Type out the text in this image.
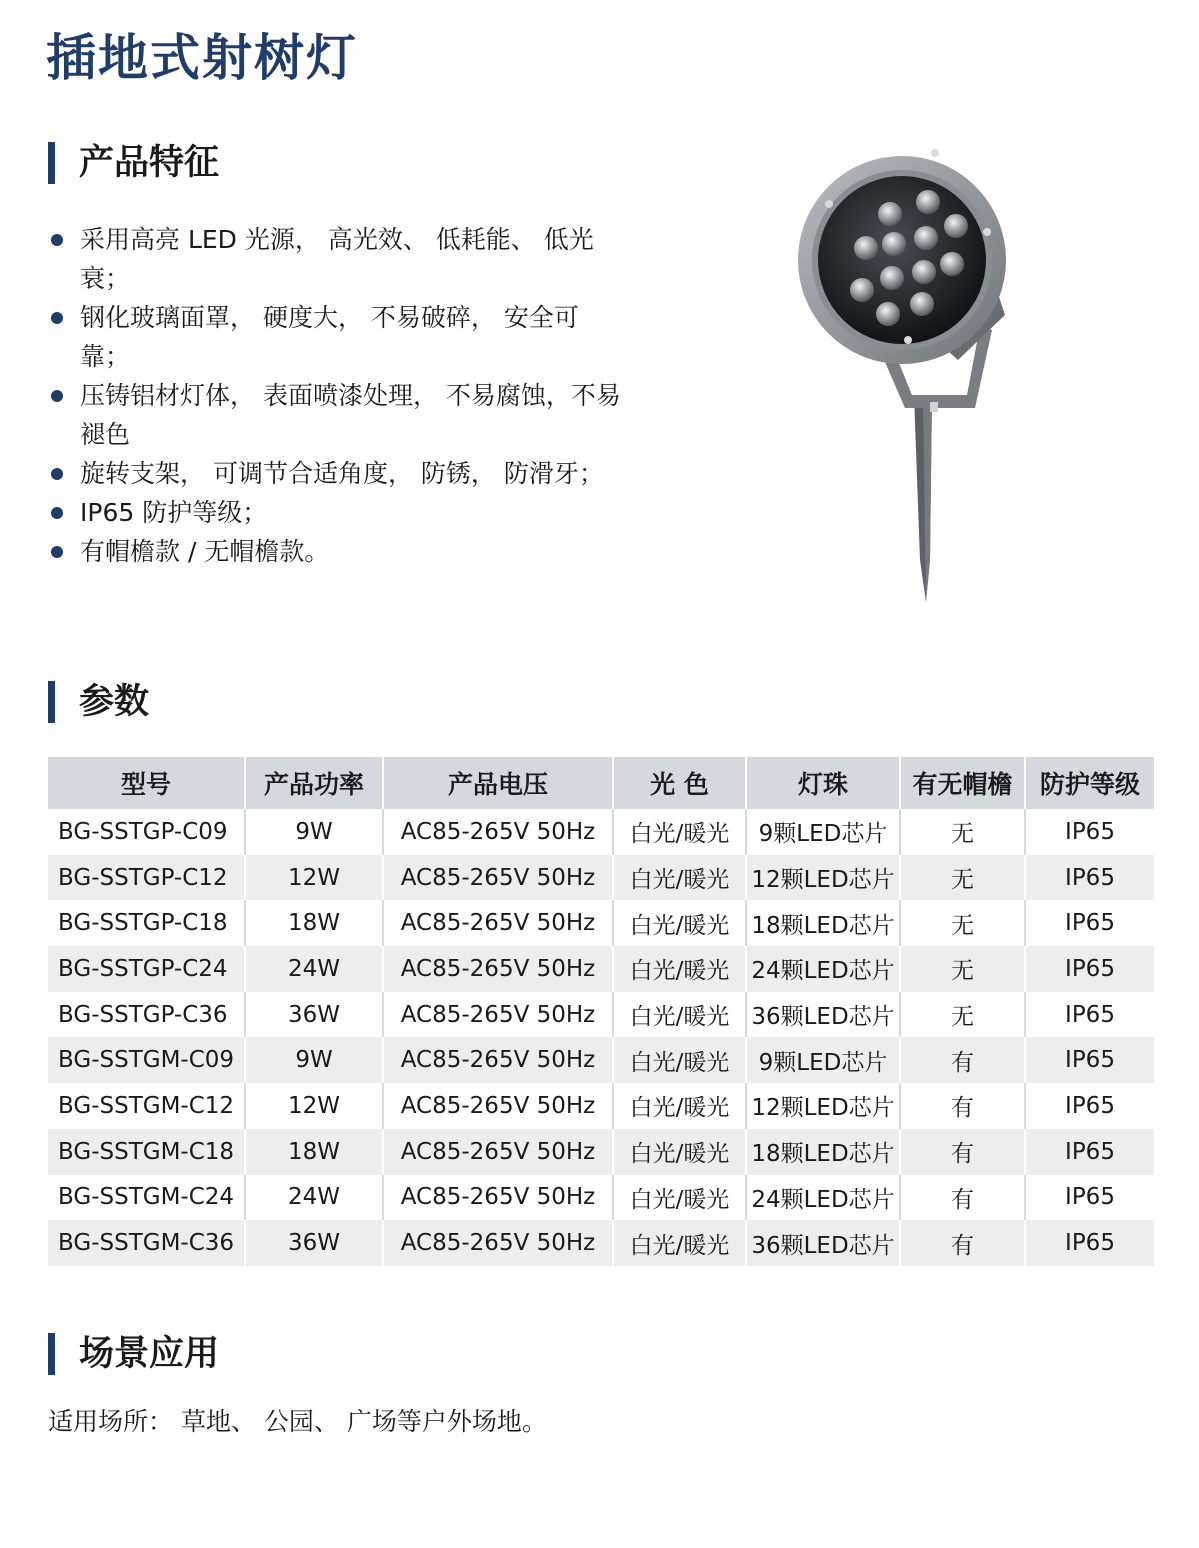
插地式射树灯
产品特征
采用高亮 LED 光源， 高光效、 低耗能、 低光衰；
钢化玻璃面罩， 硬度大， 不易破碎， 安全可靠；
压铸铝材灯体， 表面喷漆处理， 不易腐蚀，不易褪色
旋转支架， 可调节合适角度， 防锈， 防滑牙；
IP65 防护等级；
有帽檐款 / 无帽檐款。
参数
型号	产品功率	产品电压	光 色	灯珠	有无帽檐	防护等级
BG-SSTGP-C09	9W	AC85-265V 50Hz	白光/暖光	9颗LED芯片	无	IP65
BG-SSTGP-C12	12W	AC85-265V 50Hz	白光/暖光	12颗LED芯片	无	IP65
BG-SSTGP-C18	18W	AC85-265V 50Hz	白光/暖光	18颗LED芯片	无	IP65
BG-SSTGP-C24	24W	AC85-265V 50Hz	白光/暖光	24颗LED芯片	无	IP65
BG-SSTGP-C36	36W	AC85-265V 50Hz	白光/暖光	36颗LED芯片	无	IP65
BG-SSTGM-C09	9W	AC85-265V 50Hz	白光/暖光	9颗LED芯片	有	IP65
BG-SSTGM-C12	12W	AC85-265V 50Hz	白光/暖光	12颗LED芯片	有	IP65
BG-SSTGM-C18	18W	AC85-265V 50Hz	白光/暖光	18颗LED芯片	有	IP65
BG-SSTGM-C24	24W	AC85-265V 50Hz	白光/暖光	24颗LED芯片	有	IP65
BG-SSTGM-C36	36W	AC85-265V 50Hz	白光/暖光	36颗LED芯片	有	IP65
场景应用

适用场所： 草地、 公园、 广场等户外场地。
